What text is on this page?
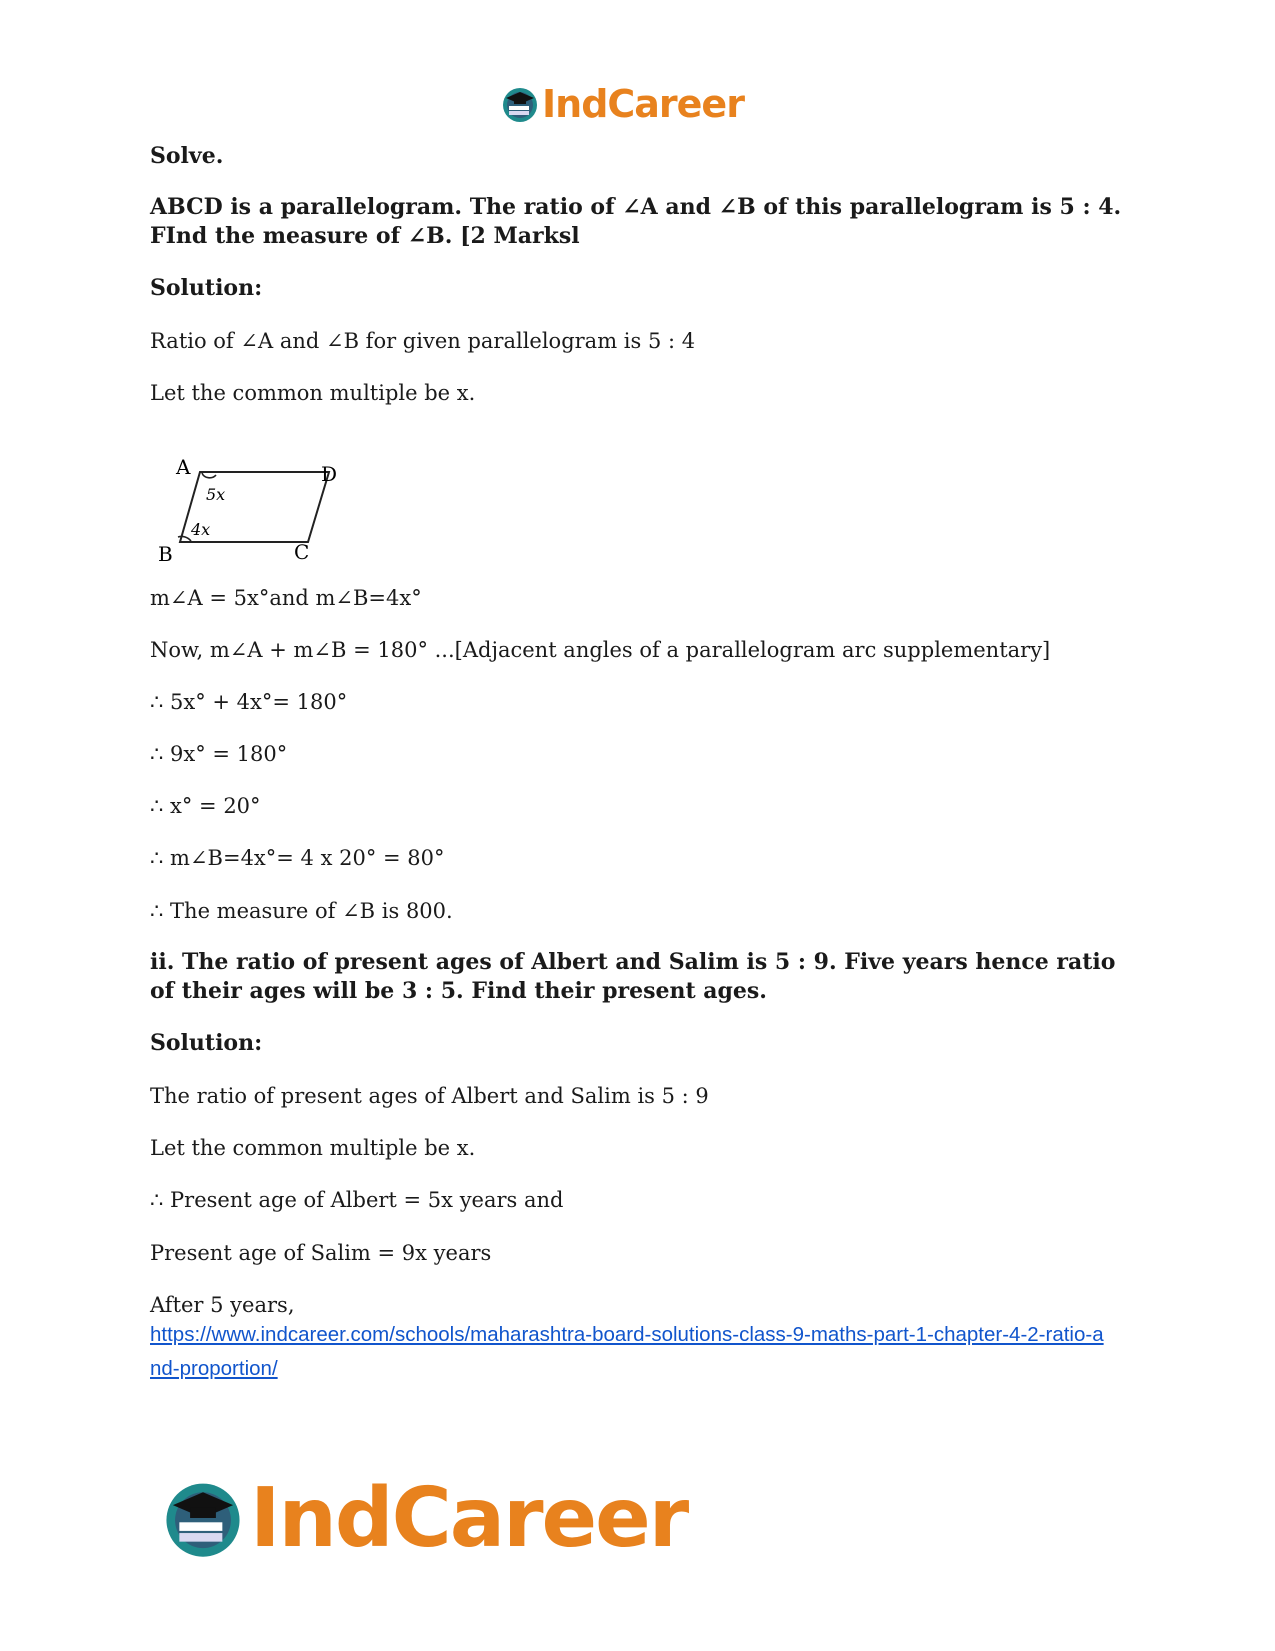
IndCareer
Solve.
ABCD is a parallelogram. The ratio of ∠A and ∠B of this parallelogram is 5 : 4. FInd the measure of ∠B. [2 Marksl
Solution:
Ratio of ∠A and ∠B for given parallelogram is 5 : 4
Let the common multiple be x.
m∠A = 5x°and m∠B=4x°
Now, m∠A + m∠B = 180° ...[Adjacent angles of a parallelogram arc supplementary]
∴ 5x° + 4x°= 180°
∴ 9x° = 180°
∴ x° = 20°
∴ m∠B=4x°= 4 x 20° = 80°
∴ The measure of ∠B is 800.
ii. The ratio of present ages of Albert and Salim is 5 : 9. Five years hence ratio of their ages will be 3 : 5. Find their present ages.
Solution:
The ratio of present ages of Albert and Salim is 5 : 9
Let the common multiple be x.
∴ Present age of Albert = 5x years and
Present age of Salim = 9x years
After 5 years,
https://www.indcareer.com/schools/maharashtra-board-solutions-class-9-maths-part-1-chapter-4-2-ratio-and-proportion/
A	D
B	C
5x
4x
IndCareer
